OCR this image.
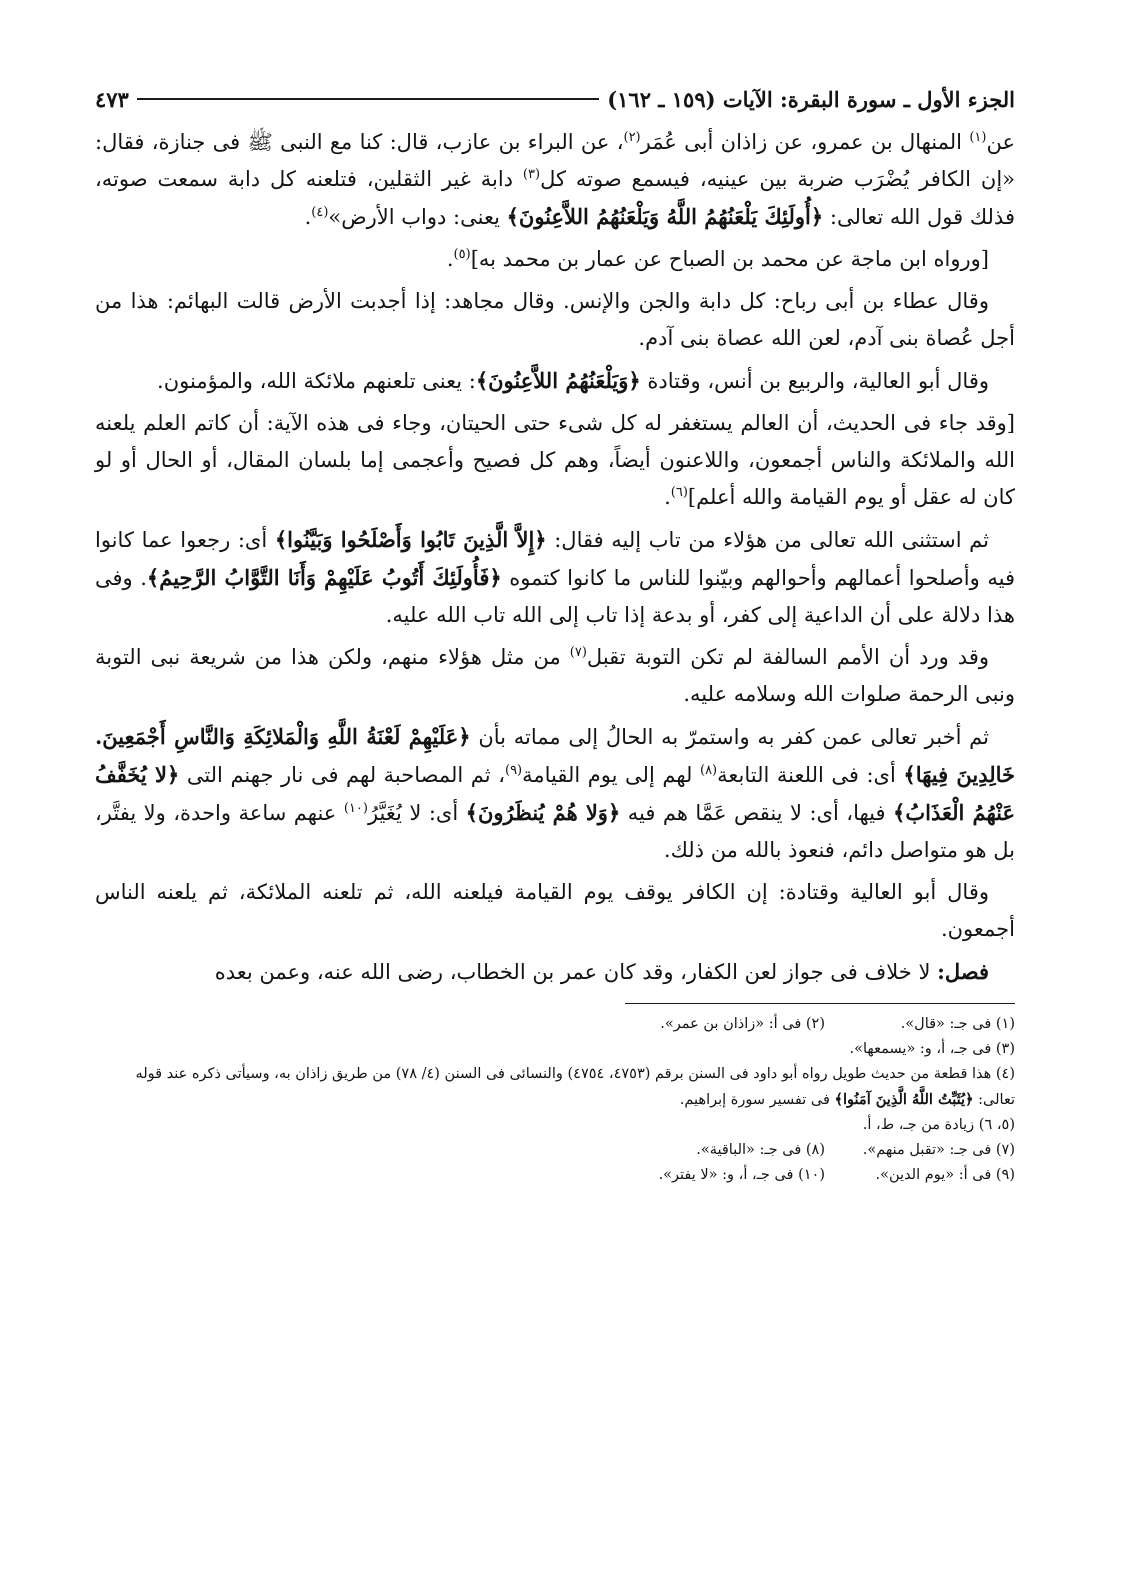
الجزء الأول ـ سورة البقرة: الآيات (١٥٩ ـ ١٦٢)
٤٧٣

عن$^{(١)}$ المنهال بن عمرو، عن زاذان أبى عُمَر$^{(٢)}$، عن البراء بن عازب، قال: كنا مع النبى ﷺ فى جنازة، فقال: «إن الكافر يُضْرَب ضربة بين عينيه، فيسمع صوته كل$^{(٣)}$ دابة غير الثقلين، فتلعنه كل دابة سمعت صوته، فذلك قول الله تعالى: ﴿أُولَئِكَ يَلْعَنُهُمُ اللَّهُ وَيَلْعَنُهُمُ اللاَّعِنُونَ﴾ يعنى: دواب الأرض»$^{(٤)}$.

[ورواه ابن ماجة عن محمد بن الصباح عن عمار بن محمد به]$^{(٥)}$.

وقال عطاء بن أبى رباح: كل دابة والجن والإنس. وقال مجاهد: إذا أجدبت الأرض قالت البهائم: هذا من أجل عُصاة بنى آدم، لعن الله عصاة بنى آدم.

وقال أبو العالية، والربيع بن أنس، وقتادة ﴿وَيَلْعَنُهُمُ اللاَّعِنُونَ﴾: يعنى تلعنهم ملائكة الله، والمؤمنون.

[وقد جاء فى الحديث، أن العالم يستغفر له كل شىء حتى الحيتان، وجاء فى هذه الآية: أن كاتم العلم يلعنه الله والملائكة والناس أجمعون، واللاعنون أيضاً، وهم كل فصيح وأعجمى إما بلسان المقال، أو الحال أو لو كان له عقل أو يوم القيامة والله أعلم]$^{(٦)}$.

ثم استثنى الله تعالى من هؤلاء من تاب إليه فقال: ﴿إِلاَّ الَّذِينَ تَابُوا وَأَصْلَحُوا وَبَيَّنُوا﴾ أى: رجعوا عما كانوا فيه وأصلحوا أعمالهم وأحوالهم وبيّنوا للناس ما كانوا كتموه ﴿فَأُولَئِكَ أَتُوبُ عَلَيْهِمْ وَأَنَا التَّوَّابُ الرَّحِيمُ﴾. وفى هذا دلالة على أن الداعية إلى كفر، أو بدعة إذا تاب إلى الله تاب الله عليه.

وقد ورد أن الأمم السالفة لم تكن التوبة تقبل$^{(٧)}$ من مثل هؤلاء منهم، ولكن هذا من شريعة نبى التوبة ونبى الرحمة صلوات الله وسلامه عليه.

ثم أخبر تعالى عمن كفر به واستمرّ به الحالُ إلى مماته بأن ﴿عَلَيْهِمْ لَعْنَةُ اللَّهِ وَالْمَلائِكَةِ وَالنَّاسِ أَجْمَعِينَ. خَالِدِينَ فِيهَا﴾ أى: فى اللعنة التابعة$^{(٨)}$ لهم إلى يوم القيامة$^{(٩)}$، ثم المصاحبة لهم فى نار جهنم التى ﴿لا يُخَفَّفُ عَنْهُمُ الْعَذَابُ﴾ فيها، أى: لا ينقص عَمَّا هم فيه ﴿وَلا هُمْ يُنظَرُونَ﴾ أى: لا يُغَيَّرُ$^{(١٠)}$ عنهم ساعة واحدة، ولا يفتَّر، بل هو متواصل دائم، فنعوذ بالله من ذلك.

وقال أبو العالية وقتادة: إن الكافر يوقف يوم القيامة فيلعنه الله، ثم تلعنه الملائكة، ثم يلعنه الناس أجمعون.

فصل: لا خلاف فى جواز لعن الكفار، وقد كان عمر بن الخطاب، رضى الله عنه، وعمن بعده

(١) فى جـ: «قال».
(٢) فى أ: «زاذان بن عمر».

(٣) فى جـ، أ، و: «يسمعها».

(٤) هذا قطعة من حديث طويل رواه أبو داود فى السنن برقم (٤٧٥٣، ٤٧٥٤) والنسائى فى السنن (٤/ ٧٨) من طريق زاذان به، وسيأتى ذكره عند قوله تعالى: ﴿يُثَبِّتُ اللَّهُ الَّذِينَ آمَنُوا﴾ فى تفسير سورة إبراهيم.

(٥، ٦) زيادة من جـ، ط، أ.

(٧) فى جـ: «تقبل منهم».
(٨) فى جـ: «الباقية».
(٩) فى أ: «يوم الدين».
(١٠) فى جـ، أ، و: «لا يفتر».
